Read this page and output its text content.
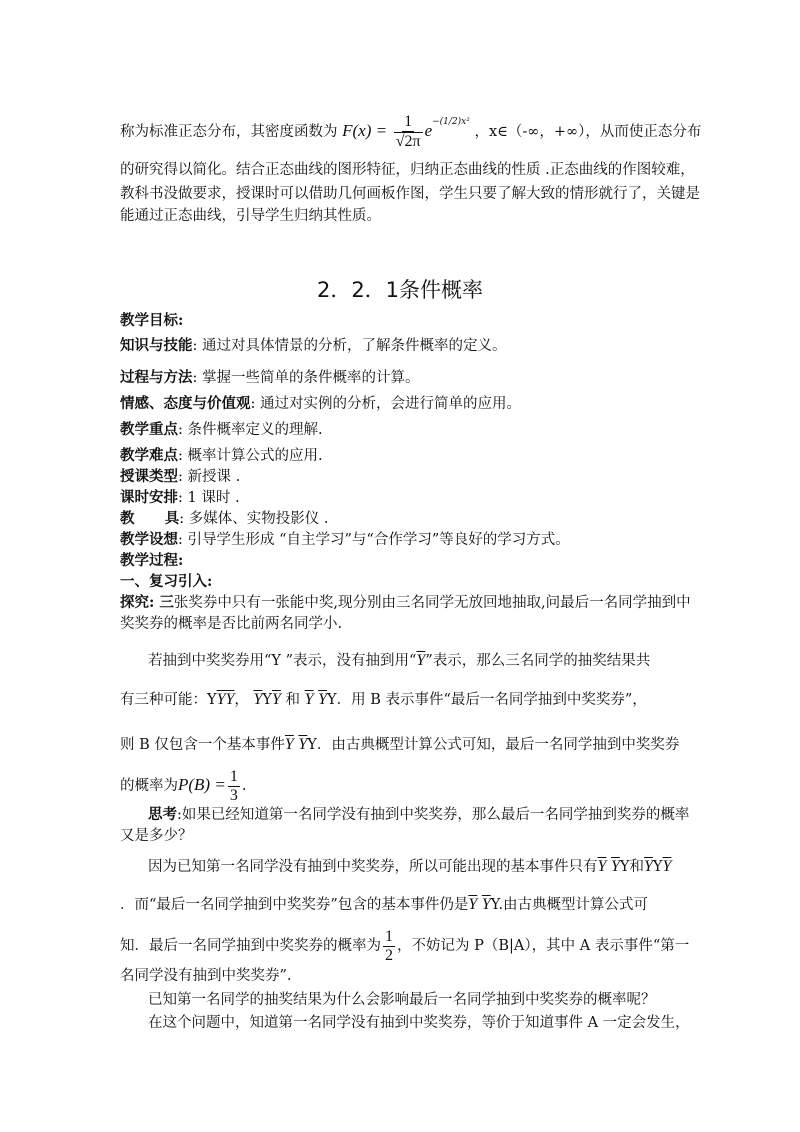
称为标准正态分布，其密度函数为 $F(x) = \frac{1}{√2\pi} e^{-(1/2)x^2}$ ，x∈（-∞，+∞），从而使正态分布
的研究得以简化。结合正态曲线的图形特征，归纳正态曲线的性质 .正态曲线的作图较难，
教科书没做要求，授课时可以借助几何画板作图，学生只要了解大致的情形就行了，关键是
能通过正态曲线，引导学生归纳其性质。
2．2．1条件概率
教学目标:
知识与技能: 通过对具体情景的分析，了解条件概率的定义。
过程与方法: 掌握一些简单的条件概率的计算。
情感、态度与价值观: 通过对实例的分析，会进行简单的应用。
教学重点: 条件概率定义的理解.
教学难点: 概率计算公式的应用.
授课类型: 新授课 .
课时安排: 1 课时 .
教      具: 多媒体、实物投影仪 .
教学设想: 引导学生形成 “自主学习”与“合作学习”等良好的学习方式。
教学过程:
一、复习引入:
探究: 三张奖券中只有一张能中奖,现分别由三名同学无放回地抽取,问最后一名同学抽到中
奖奖券的概率是否比前两名同学小.
若抽到中奖奖券用“Y ”表示，没有抽到用“$\overline{Y}$”表示，那么三名同学的抽奖结果共
有三种可能：$Y\overline{Y}\overline{Y}$， $\overline{Y}Y\overline{Y}$ 和 $\overline{Y}$ $\overline{Y}Y$．用 B 表示事件“最后一名同学抽到中奖奖券”，
则 B 仅包含一个基本事件$\overline{Y}$ $\overline{Y}Y$．由古典概型计算公式可知，最后一名同学抽到中奖奖券
的概率为$P(B) = \frac{1}{3}$ .
思考:如果已经知道第一名同学没有抽到中奖奖券，那么最后一名同学抽到奖券的概率
又是多少？
因为已知第一名同学没有抽到中奖奖券，所以可能出现的基本事件只有$\overline{Y}$ $\overline{Y}Y$和$\overline{Y}Y\overline{Y}$
．而“最后一名同学抽到中奖奖券”包含的基本事件仍是$\overline{Y}$ $\overline{Y}Y$.由古典概型计算公式可
知．最后一名同学抽到中奖奖券的概率为 $\frac{1}{2}$ ，不妨记为 P（B|A），其中 A 表示事件“第一
名同学没有抽到中奖奖券”.
已知第一名同学的抽奖结果为什么会影响最后一名同学抽到中奖奖券的概率呢？
在这个问题中，知道第一名同学没有抽到中奖奖券，等价于知道事件 A 一定会发生，
